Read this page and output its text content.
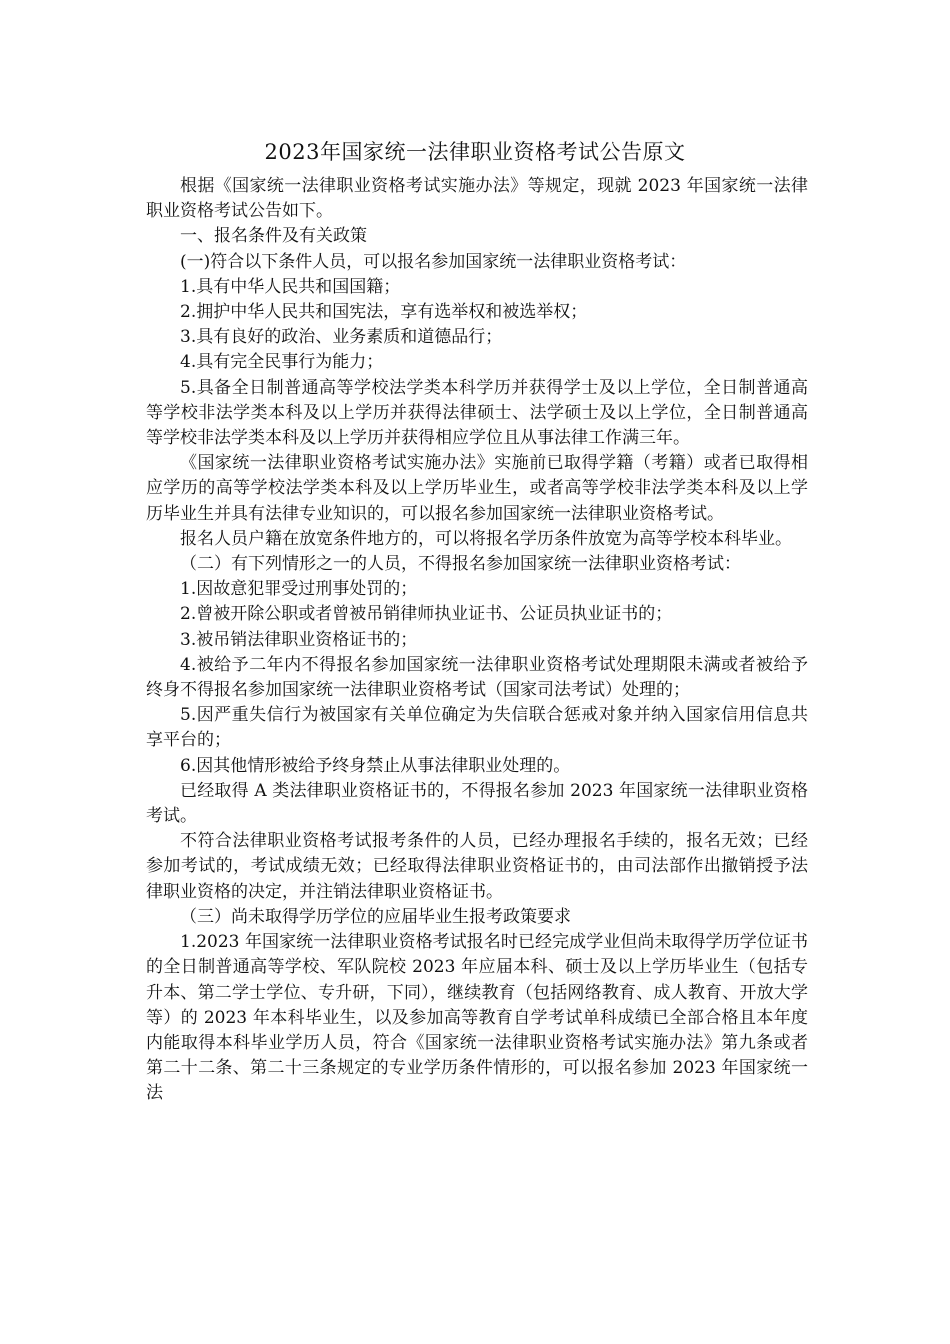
2023年国家统一法律职业资格考试公告原文

根据《国家统一法律职业资格考试实施办法》等规定，现就 2023 年国家统一法律职业资格考试公告如下。

一、报名条件及有关政策

(一)符合以下条件人员，可以报名参加国家统一法律职业资格考试：

1.具有中华人民共和国国籍；

2.拥护中华人民共和国宪法，享有选举权和被选举权；

3.具有良好的政治、业务素质和道德品行；

4.具有完全民事行为能力；

5.具备全日制普通高等学校法学类本科学历并获得学士及以上学位，全日制普通高等学校非法学类本科及以上学历并获得法律硕士、法学硕士及以上学位，全日制普通高等学校非法学类本科及以上学历并获得相应学位且从事法律工作满三年。

《国家统一法律职业资格考试实施办法》实施前已取得学籍（考籍）或者已取得相应学历的高等学校法学类本科及以上学历毕业生，或者高等学校非法学类本科及以上学历毕业生并具有法律专业知识的，可以报名参加国家统一法律职业资格考试。

报名人员户籍在放宽条件地方的，可以将报名学历条件放宽为高等学校本科毕业。

（二）有下列情形之一的人员，不得报名参加国家统一法律职业资格考试：

1.因故意犯罪受过刑事处罚的；

2.曾被开除公职或者曾被吊销律师执业证书、公证员执业证书的；

3.被吊销法律职业资格证书的；

4.被给予二年内不得报名参加国家统一法律职业资格考试处理期限未满或者被给予终身不得报名参加国家统一法律职业资格考试（国家司法考试）处理的；

5.因严重失信行为被国家有关单位确定为失信联合惩戒对象并纳入国家信用信息共享平台的；

6.因其他情形被给予终身禁止从事法律职业处理的。

已经取得 A 类法律职业资格证书的，不得报名参加 2023 年国家统一法律职业资格考试。

不符合法律职业资格考试报考条件的人员，已经办理报名手续的，报名无效；已经参加考试的，考试成绩无效；已经取得法律职业资格证书的，由司法部作出撤销授予法律职业资格的决定，并注销法律职业资格证书。

（三）尚未取得学历学位的应届毕业生报考政策要求

1.2023 年国家统一法律职业资格考试报名时已经完成学业但尚未取得学历学位证书的全日制普通高等学校、军队院校 2023 年应届本科、硕士及以上学历毕业生（包括专升本、第二学士学位、专升研，下同），继续教育（包括网络教育、成人教育、开放大学等）的 2023 年本科毕业生，以及参加高等教育自学考试单科成绩已全部合格且本年度内能取得本科毕业学历人员，符合《国家统一法律职业资格考试实施办法》第九条或者第二十二条、第二十三条规定的专业学历条件情形的，可以报名参加 2023 年国家统一法
